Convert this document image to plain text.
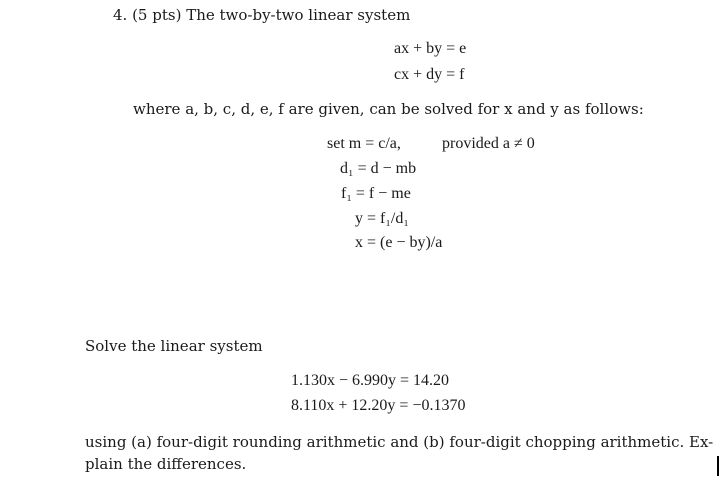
4. (5 pts) The two-by-two linear system
ax + by = e
cx + dy = f
where a, b, c, d, e, f are given, can be solved for x and y as follows:
set m = c/a,	provided a ≠ 0
d₁ = d − mb
f₁ = f − me
y = f₁/d₁
x = (e − by)/a
Solve the linear system
1.130x − 6.990y = 14.20
8.110x + 12.20y = −0.1370
using (a) four-digit rounding arithmetic and (b) four-digit chopping arithmetic. Ex-
plain the differences.
